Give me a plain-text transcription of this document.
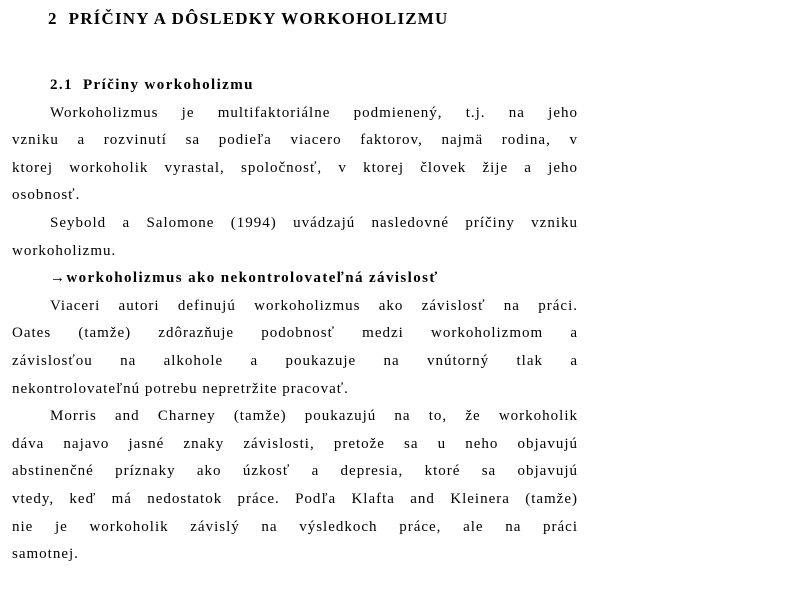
2 PRÍČINY A DÔSLEDKY WORKOHOLIZMU
2.1 Príčiny workoholizmu
Workoholizmus je multifaktoriálne podmienený, t.j. na jeho
vzniku a rozvinutí sa podieľa viacero faktorov, najmä rodina, v
ktorej workoholik vyrastal, spoločnosť, v ktorej človek žije a jeho
osobnosť.
Seybold a Salomone (1994) uvádzajú nasledovné príčiny vzniku
workoholizmu.
→workoholizmus ako nekontrolovateľná závislosť
Viaceri autori definujú workoholizmus ako závislosť na práci.
Oates (tamže) zdôrazňuje podobnosť medzi workoholizmom a
závislosťou na alkohole a poukazuje na vnútorný tlak a
nekontrolovateľnú potrebu nepretržite pracovať.
Morris and Charney (tamže) poukazujú na to, že workoholik
dáva najavo jasné znaky závislosti, pretože sa u neho objavujú
abstinenčné príznaky ako úzkosť a depresia, ktoré sa objavujú
vtedy, keď má nedostatok práce. Podľa Klafta and Kleinera (tamže)
nie je workoholik závislý na výsledkoch práce, ale na práci
samotnej.
